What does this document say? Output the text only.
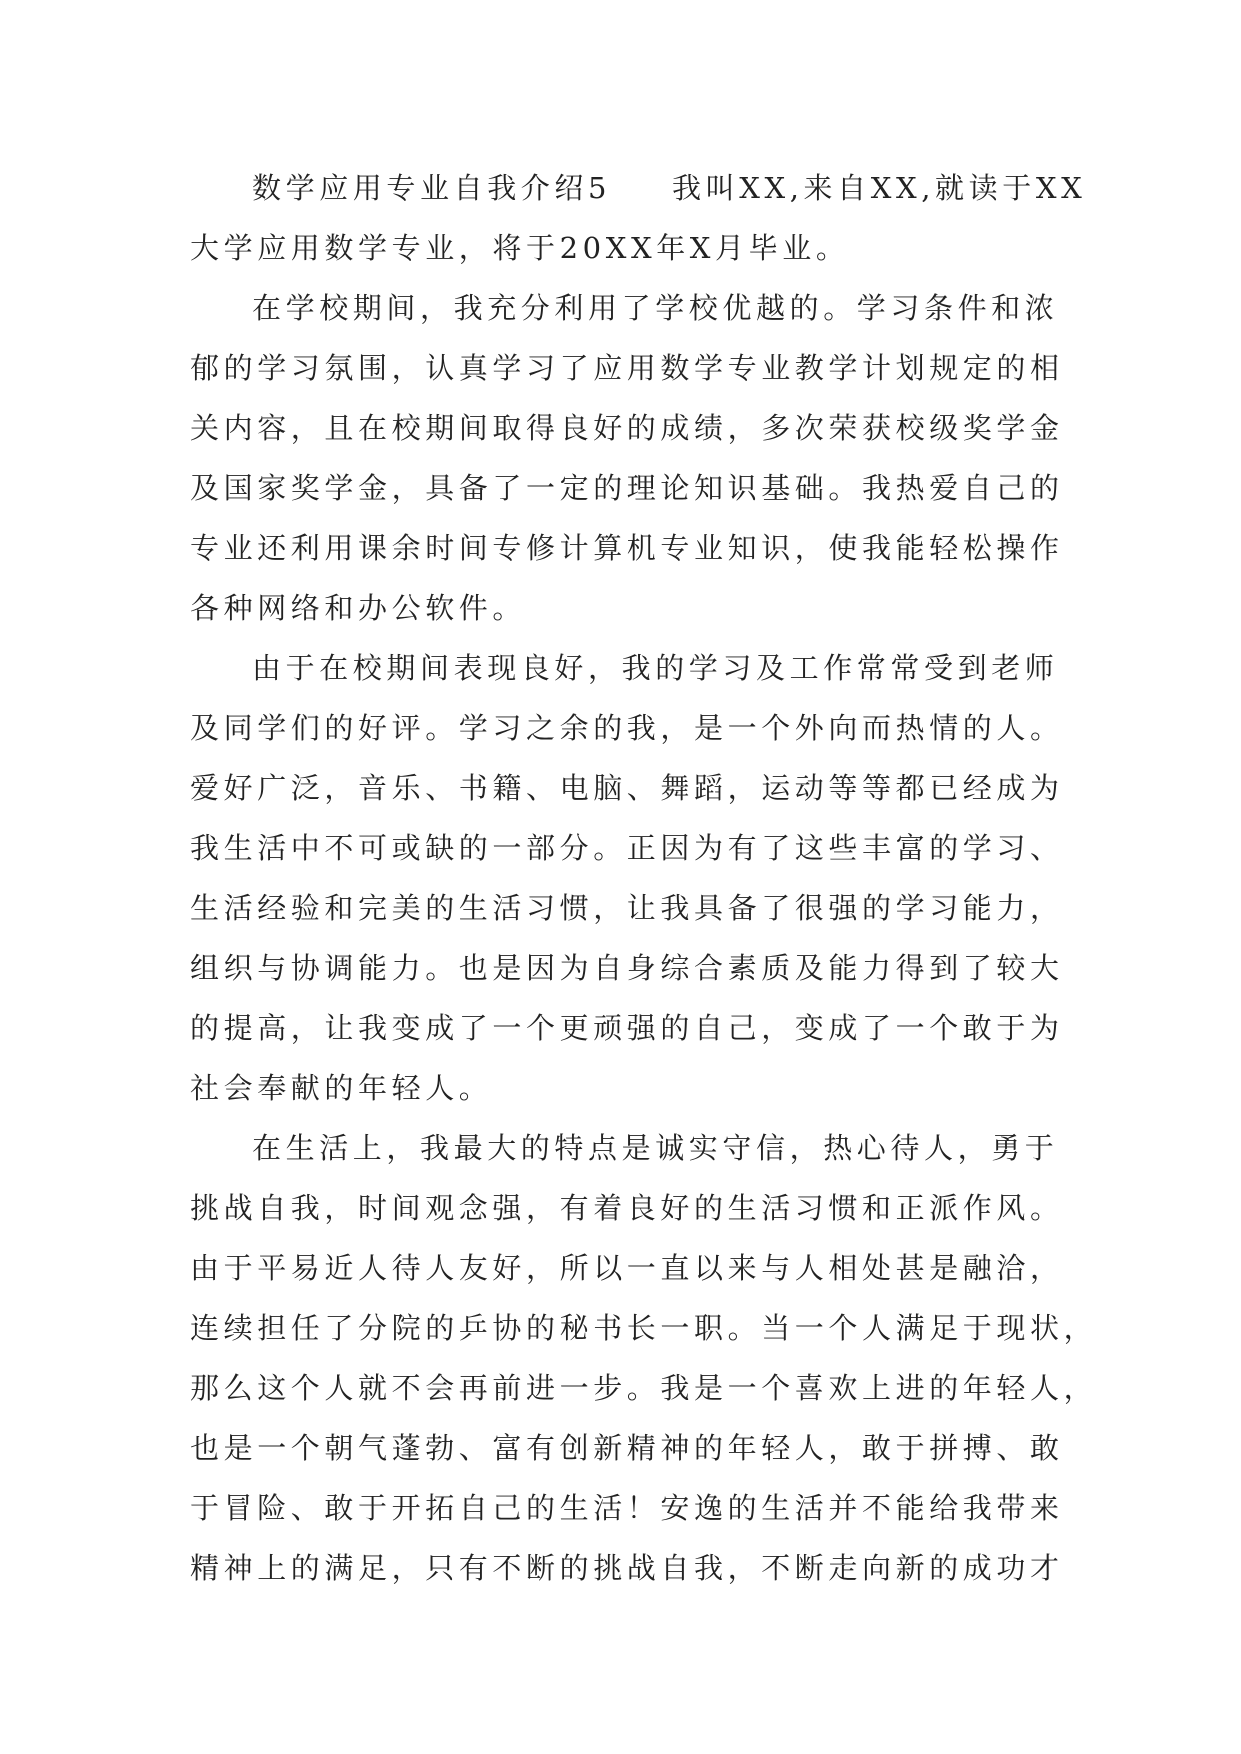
数学应用专业自我介绍5 我叫XX,来自XX,就读于XX
大学应用数学专业，将于20XX年X月毕业。
在学校期间，我充分利用了学校优越的。学习条件和浓
郁的学习氛围，认真学习了应用数学专业教学计划规定的相
关内容，且在校期间取得良好的成绩，多次荣获校级奖学金
及国家奖学金，具备了一定的理论知识基础。我热爱自己的
专业还利用课余时间专修计算机专业知识，使我能轻松操作
各种网络和办公软件。
由于在校期间表现良好，我的学习及工作常常受到老师
及同学们的好评。学习之余的我，是一个外向而热情的人。
爱好广泛，音乐、书籍、电脑、舞蹈，运动等等都已经成为
我生活中不可或缺的一部分。正因为有了这些丰富的学习、
生活经验和完美的生活习惯，让我具备了很强的学习能力，
组织与协调能力。也是因为自身综合素质及能力得到了较大
的提高，让我变成了一个更顽强的自己，变成了一个敢于为
社会奉献的年轻人。
在生活上，我最大的特点是诚实守信，热心待人，勇于
挑战自我，时间观念强，有着良好的生活习惯和正派作风。
由于平易近人待人友好，所以一直以来与人相处甚是融洽，
连续担任了分院的乒协的秘书长一职。当一个人满足于现状，
那么这个人就不会再前进一步。我是一个喜欢上进的年轻人，
也是一个朝气蓬勃、富有创新精神的年轻人，敢于拼搏、敢
于冒险、敢于开拓自己的生活！安逸的生活并不能给我带来
精神上的满足，只有不断的挑战自我，不断走向新的成功才
